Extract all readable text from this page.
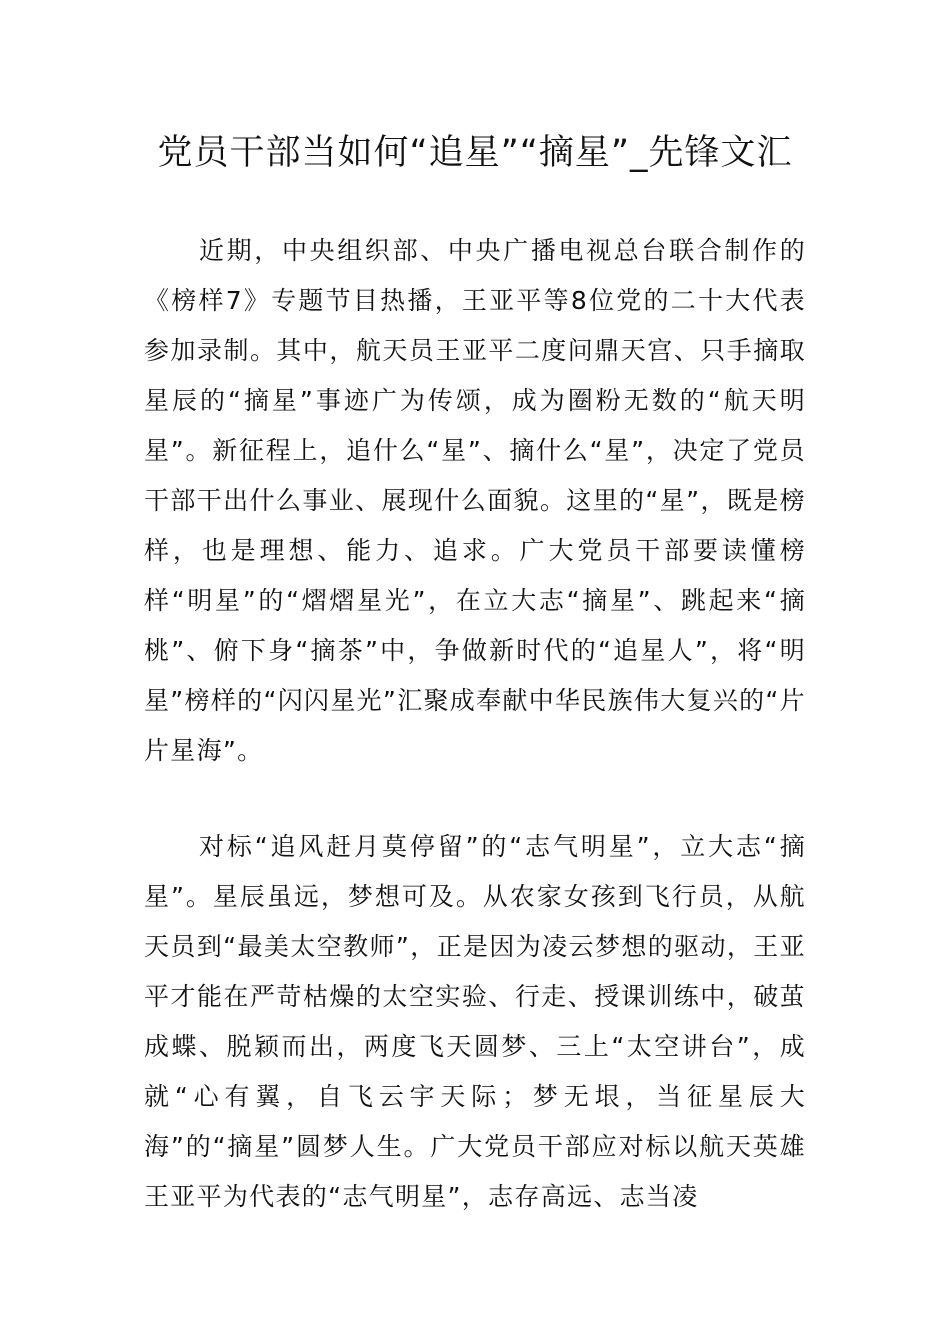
党员干部当如何“追星”“摘星”_先锋文汇

近期，中央组织部、中央广播电视总台联合制作的《榜样7》专题节目热播，王亚平等8位党的二十大代表参加录制。其中，航天员王亚平二度问鼎天宫、只手摘取星辰的“摘星”事迹广为传颂，成为圈粉无数的“航天明星”。新征程上，追什么“星”、摘什么“星”，决定了党员干部干出什么事业、展现什么面貌。这里的“星”，既是榜样，也是理想、能力、追求。广大党员干部要读懂榜样“明星”的“熠熠星光”，在立大志“摘星”、跳起来“摘桃”、俯下身“摘茶”中，争做新时代的“追星人”，将“明星”榜样的“闪闪星光”汇聚成奉献中华民族伟大复兴的“片片星海”。

对标“追风赶月莫停留”的“志气明星”，立大志“摘星”。星辰虽远，梦想可及。从农家女孩到飞行员，从航天员到“最美太空教师”，正是因为凌云梦想的驱动，王亚平才能在严苛枯燥的太空实验、行走、授课训练中，破茧成蝶、脱颖而出，两度飞天圆梦、三上“太空讲台”，成就“心有翼，自飞云宇天际；梦无垠，当征星辰大海”的“摘星”圆梦人生。广大党员干部应对标以航天英雄王亚平为代表的“志气明星”，志存高远、志当凌
